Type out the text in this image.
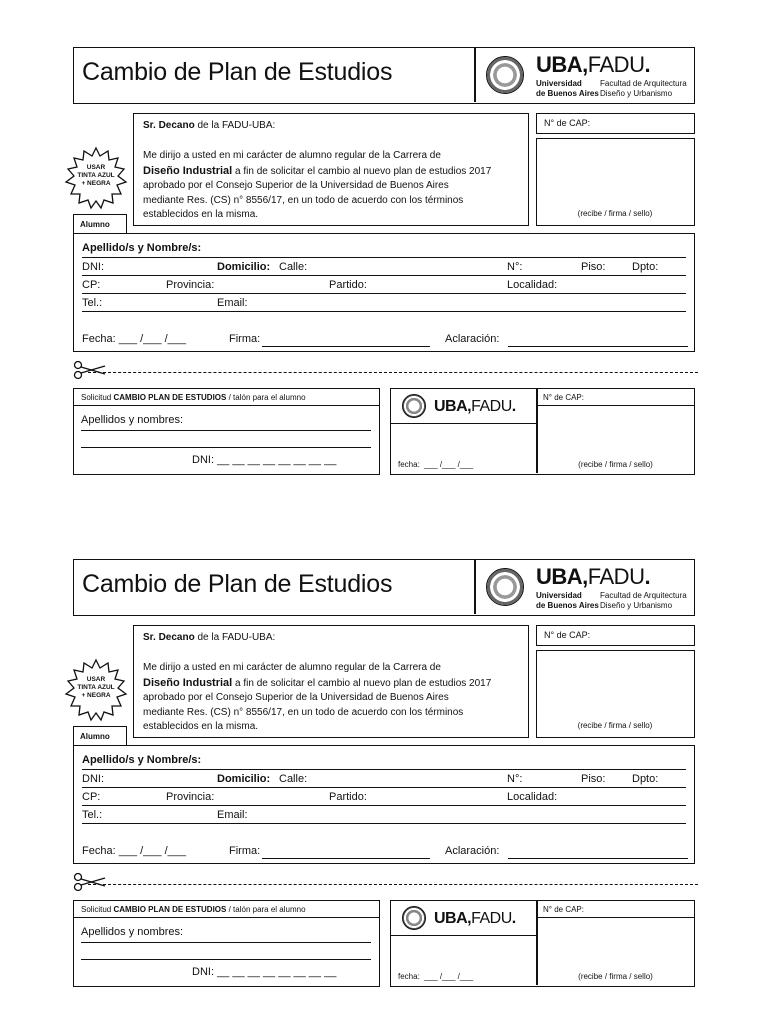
Cambio de Plan de Estudios	UBA,FADU.
Universidad
de Buenos Aires
Facultad de Arquitectura
Diseño y Urbanismo
USAR
TINTA AZUL
+ NEGRA
Sr. Decano de la FADU-UBA:
Me dirijo a usted en mi carácter de alumno regular de la Carrera de
Diseño Industrial a fin de solicitar el cambio al nuevo plan de estudios 2017
aprobado por el Consejo Superior de la Universidad de Buenos Aires
mediante Res. (CS) n° 8556/17, en un todo de acuerdo con los términos
establecidos en la misma.
N° de CAP:
(recibe / firma / sello)
Alumno
Apellido/s y Nombre/s:
DNI:	Domicilio: Calle:	N°:	Piso: Dpto:
CP:	Provincia:	Partido:	Localidad:
Tel.:	Email:
Fecha: ___ /___ /___	Firma:	Aclaración:
Solicitud CAMBIO PLAN DE ESTUDIOS / talón para el alumno
Apellidos y nombres:
DNI: __ __ __ __ __ __ __ __
UBA,FADU.
N° de CAP:
fecha: ___ /___ /___	(recibe / firma / sello)
Cambio de Plan de Estudios	UBA,FADU.
Universidad
de Buenos Aires
Facultad de Arquitectura
Diseño y Urbanismo
USAR
TINTA AZUL
+ NEGRA
Sr. Decano de la FADU-UBA:
Me dirijo a usted en mi carácter de alumno regular de la Carrera de
Diseño Industrial a fin de solicitar el cambio al nuevo plan de estudios 2017
aprobado por el Consejo Superior de la Universidad de Buenos Aires
mediante Res. (CS) n° 8556/17, en un todo de acuerdo con los términos
establecidos en la misma.
N° de CAP:
(recibe / firma / sello)
Alumno
Apellido/s y Nombre/s:
DNI:	Domicilio: Calle:	N°:	Piso: Dpto:
CP:	Provincia:	Partido:	Localidad:
Tel.:	Email:
Fecha: ___ /___ /___	Firma:	Aclaración:
Solicitud CAMBIO PLAN DE ESTUDIOS / talón para el alumno
Apellidos y nombres:
DNI: __ __ __ __ __ __ __ __
UBA,FADU.
N° de CAP:
fecha: ___ /___ /___	(recibe / firma / sello)
